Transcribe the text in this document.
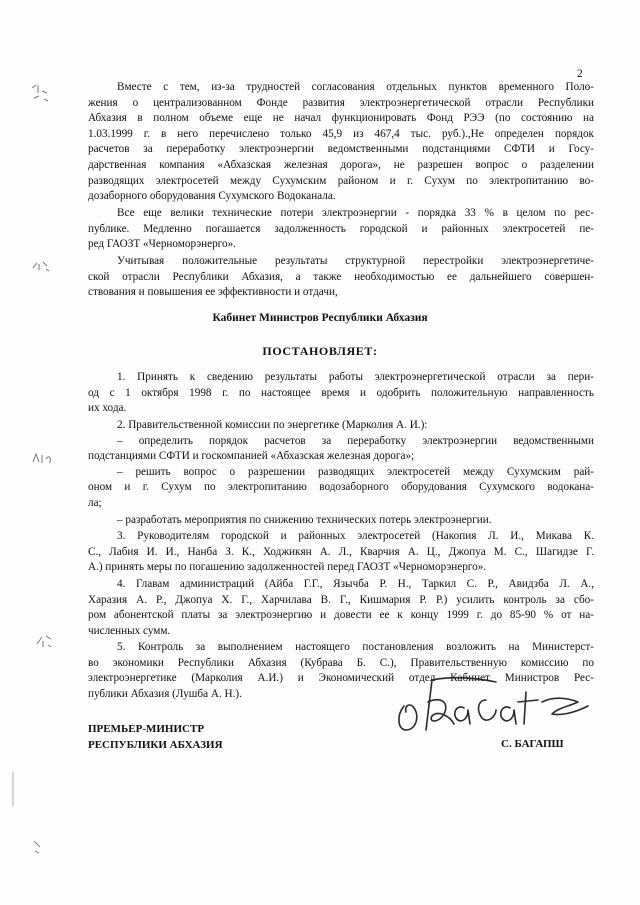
2
Вместе с тем, из-за трудностей согласования отдельных пунктов временного Поло-
жения о централизованном Фонде развития электроэнергетической отрасли Республики
Абхазия в полном объеме еще не начал функционировать Фонд РЭЭ (по состоянию на
1.03.1999 г. в него перечислено только 45,9 из 467,4 тыс. руб.).,Не определен порядок
расчетов за переработку электроэнергии ведомственными подстанциями СФТИ и Госу-
дарственная компания «Абхазская железная дорога», не разрешен вопрос о разделении
разводящих электросетей между Сухумским районом и г. Сухум по электропитанию во-
дозаборного оборудования Сухумского Водоканала.
Все еще велики технические потери электроэнергии - порядка 33 % в целом по рес-
публике. Медленно погашается задолженность городской и районных электросетей пе-
ред ГАОЗТ «Черноморэнерго».
Учитывая положительные результаты структурной перестройки электроэнергетиче-
ской отрасли Республики Абхазия, а также необходимостью ее дальнейшего совершен-
ствования и повышения ее эффективности и отдачи,
Кабинет Министров Республики Абхазия
ПОСТАНОВЛЯЕТ:
1. Принять к сведению результаты работы электроэнергетической отрасли за пери-
од с 1 октября 1998 г. по настоящее время и одобрить положительную направленность
их хода.
2. Правительственной комиссии по энергетике (Марколия А. И.):
– определить порядок расчетов за переработку электроэнергии ведомственными
подстанциями СФТИ и госкомпанией «Абхазская железная дорога»;
– решить вопрос о разрешении разводящих электросетей между Сухумским рай-
оном и г. Сухум по электропитанию водозаборного оборудования Сухумского водокана-
ла;
– разработать мероприятия по снижению технических потерь электроэнергии.
3. Руководителям городской и районных электросетей (Накопия Л. И., Микава К.
С., Лабия И. И., Нанба З. К., Ходжикян А. Л., Кварчия А. Ц., Джопуа М. С., Шагидзе Г.
А.) принять меры по погашению задолженностей перед ГАОЗТ «Черноморэнерго».
4. Главам администраций (Айба Г.Г., Язычба Р. Н., Таркил С. Р., Авидзба Л. А.,
Харазия А. Р., Джопуа Х. Г., Харчилава В. Г., Кишмария Р. Р.) усилить контроль за сбо-
ром абонентской платы за электроэнергию и довести ее к концу 1999 г. до 85-90 % от на-
численных сумм.
5. Контроль за выполнением настоящего постановления возложить на Министерст-
во экономики Республики Абхазия (Кубрава Б. С.), Правительственную комиссию по
электроэнергетике (Марколия А.И.) и Экономический отдел Кабинет Министров Рес-
публики Абхазия (Лушба А. Н.).
ПРЕМЬЕР-МИНИСТР
РЕСПУБЛИКИ АБХАЗИЯ	С. БАГАПШ
